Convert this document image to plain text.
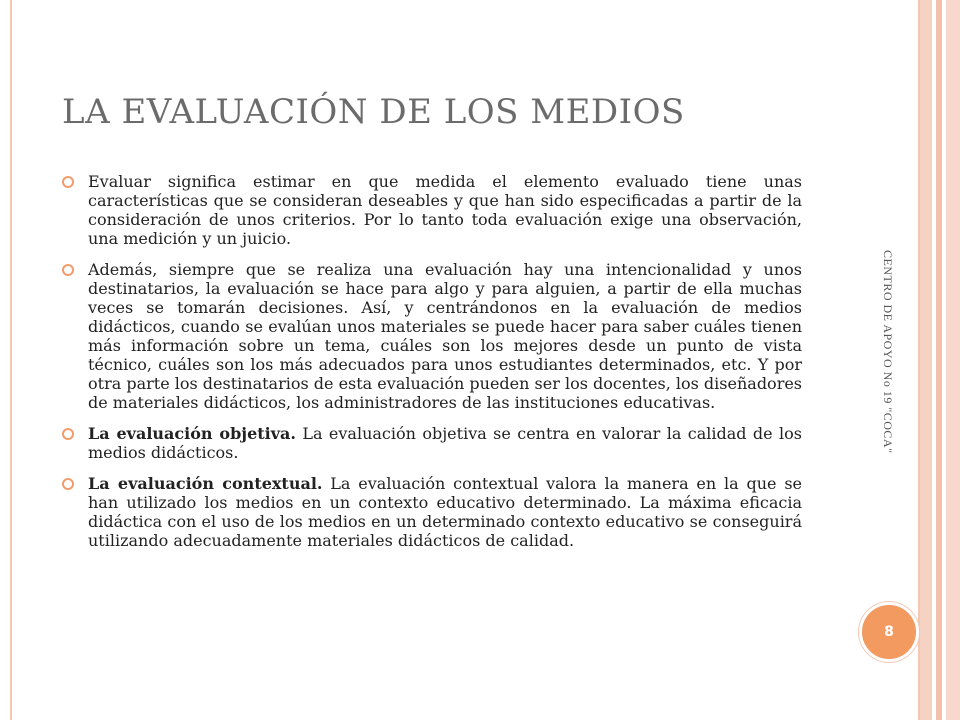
LA EVALUACIÓN DE LOS MEDIOS
Evaluar significa estimar en que medida el elemento evaluado tiene unas características que se consideran deseables y que han sido especificadas a partir de la consideración de unos criterios. Por lo tanto toda evaluación exige una observación, una medición y un juicio.
Además, siempre que se realiza una evaluación hay una intencionalidad y unos destinatarios, la evaluación se hace para algo y para alguien, a partir de ella muchas veces se tomarán decisiones. Así, y centrándonos en la evaluación de medios didácticos, cuando se evalúan unos materiales se puede hacer para saber cuáles tienen más información sobre un tema, cuáles son los mejores desde un punto de vista técnico, cuáles son los más adecuados para unos estudiantes determinados, etc. Y por otra parte los destinatarios de esta evaluación pueden ser los docentes, los diseñadores de materiales didácticos, los administradores de las instituciones educativas.
La evaluación objetiva. La evaluación objetiva se centra en valorar la calidad de los medios didácticos.
La evaluación contextual. La evaluación contextual valora la manera en la que se han utilizado los medios en un contexto educativo determinado. La máxima eficacia didáctica con el uso de los medios en un determinado contexto educativo se conseguirá utilizando adecuadamente materiales didácticos de calidad.
CENTRO DE APOYO No 19 "COCA"
8
